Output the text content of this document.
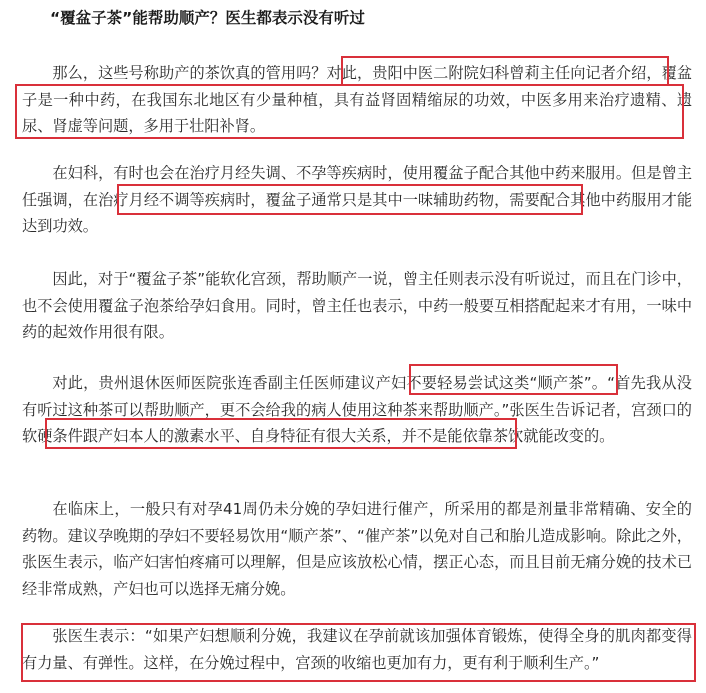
“覆盆子茶”能帮助顺产？医生都表示没有听过

那么，这些号称助产的茶饮真的管用吗？对此，贵阳中医二附院妇科曾莉主任向记者介绍，覆盆子是一种中药，在我国东北地区有少量种植，具有益肾固精缩尿的功效，中医多用来治疗遗精、遗尿、肾虚等问题，多用于壮阳补肾。

在妇科，有时也会在治疗月经失调、不孕等疾病时，使用覆盆子配合其他中药来服用。但是曾主任强调，在治疗月经不调等疾病时，覆盆子通常只是其中一味辅助药物，需要配合其他中药服用才能达到功效。

因此，对于“覆盆子茶”能软化宫颈，帮助顺产一说，曾主任则表示没有听说过，而且在门诊中，也不会使用覆盆子泡茶给孕妇食用。同时，曾主任也表示，中药一般要互相搭配起来才有用，一味中药的起效作用很有限。

对此，贵州退休医师医院张连香副主任医师建议产妇不要轻易尝试这类“顺产茶”。“首先我从没有听过这种茶可以帮助顺产，更不会给我的病人使用这种茶来帮助顺产。”张医生告诉记者，宫颈口的软硬条件跟产妇本人的激素水平、自身特征有很大关系，并不是能依靠茶饮就能改变的。

在临床上，一般只有对孕41周仍未分娩的孕妇进行催产，所采用的都是剂量非常精确、安全的药物。建议孕晚期的孕妇不要轻易饮用“顺产茶”、“催产茶”以免对自己和胎儿造成影响。除此之外，张医生表示，临产妇害怕疼痛可以理解，但是应该放松心情，摆正心态，而且目前无痛分娩的技术已经非常成熟，产妇也可以选择无痛分娩。

张医生表示：“如果产妇想顺利分娩，我建议在孕前就该加强体育锻炼，使得全身的肌肉都变得有力量、有弹性。这样，在分娩过程中，宫颈的收缩也更加有力，更有利于顺利生产。”
